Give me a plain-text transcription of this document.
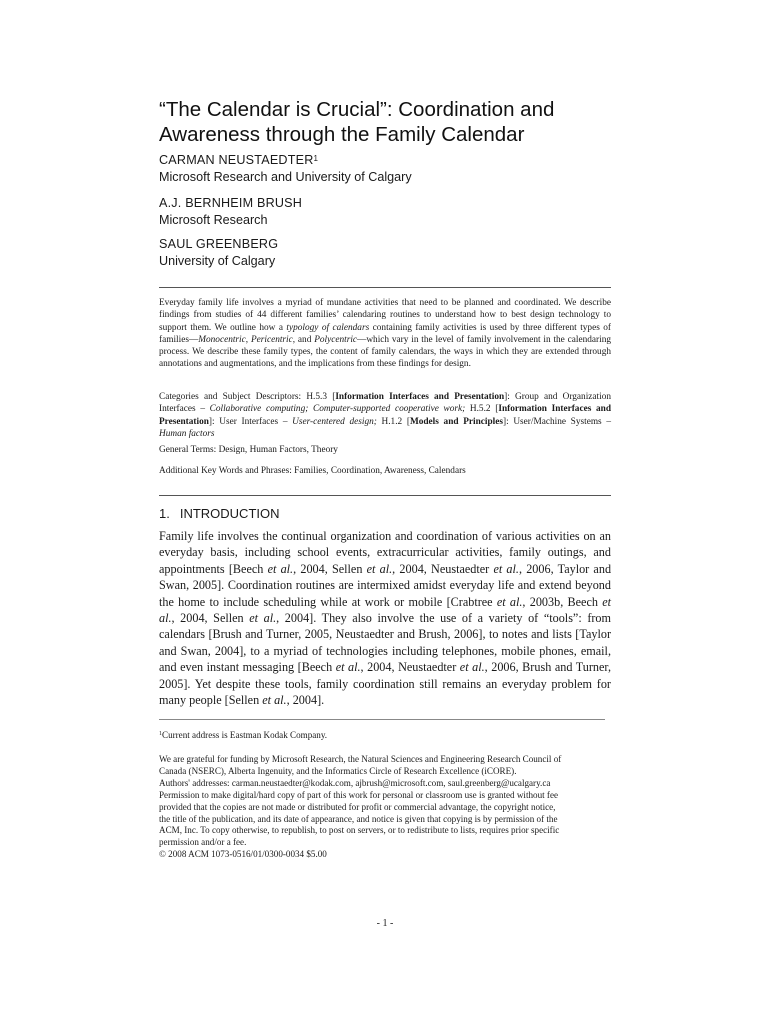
“The Calendar is Crucial”: Coordination and
Awareness through the Family Calendar
CARMAN NEUSTAEDTER$^1$
Microsoft Research and University of Calgary
A.J. BERNHEIM BRUSH
Microsoft Research
SAUL GREENBERG
University of Calgary

Everyday family life involves a myriad of mundane activities that need to be planned and coordinated. We describe findings from studies of 44 different families’ calendaring routines to understand how to best design technology to support them. We outline how a typology of calendars containing family activities is used by three different types of families—Monocentric, Pericentric, and Polycentric—which vary in the level of family involvement in the calendaring process. We describe these family types, the content of family calendars, the ways in which they are extended through annotations and augmentations, and the implications from these findings for design.

Categories and Subject Descriptors: H.5.3 [Information Interfaces and Presentation]: Group and Organization Interfaces – Collaborative computing; Computer-supported cooperative work; H.5.2 [Information Interfaces and Presentation]: User Interfaces – User-centered design; H.1.2 [Models and Principles]: User/Machine Systems – Human factors

General Terms: Design, Human Factors, Theory
Additional Key Words and Phrases: Families, Coordination, Awareness, Calendars
1. INTRODUCTION

Family life involves the continual organization and coordination of various activities on an everyday basis, including school events, extracurricular activities, family outings, and appointments [Beech et al., 2004, Sellen et al., 2004, Neustaedter et al., 2006, Taylor and Swan, 2005]. Coordination routines are intermixed amidst everyday life and extend beyond the home to include scheduling while at work or mobile [Crabtree et al., 2003b, Beech et al., 2004, Sellen et al., 2004]. They also involve the use of a variety of “tools”: from calendars [Brush and Turner, 2005, Neustaedter and Brush, 2006], to notes and lists [Taylor and Swan, 2004], to a myriad of technologies including telephones, mobile phones, email, and even instant messaging [Beech et al., 2004, Neustaedter et al., 2006, Brush and Turner, 2005]. Yet despite these tools, family coordination still remains an everyday problem for many people [Sellen et al., 2004].

$^1$Current address is Eastman Kodak Company.

We are grateful for funding by Microsoft Research, the Natural Sciences and Engineering Research Council of
Canada (NSERC), Alberta Ingenuity, and the Informatics Circle of Research Excellence (iCORE).
Authors' addresses: carman.neustaedter@kodak.com, ajbrush@microsoft.com, saul.greenberg@ucalgary.ca
Permission to make digital/hard copy of part of this work for personal or classroom use is granted without fee
provided that the copies are not made or distributed for profit or commercial advantage, the copyright notice,
the title of the publication, and its date of appearance, and notice is given that copying is by permission of the
ACM, Inc. To copy otherwise, to republish, to post on servers, or to redistribute to lists, requires prior specific
permission and/or a fee.
© 2008 ACM 1073-0516/01/0300-0034 $5.00
- 1 -
